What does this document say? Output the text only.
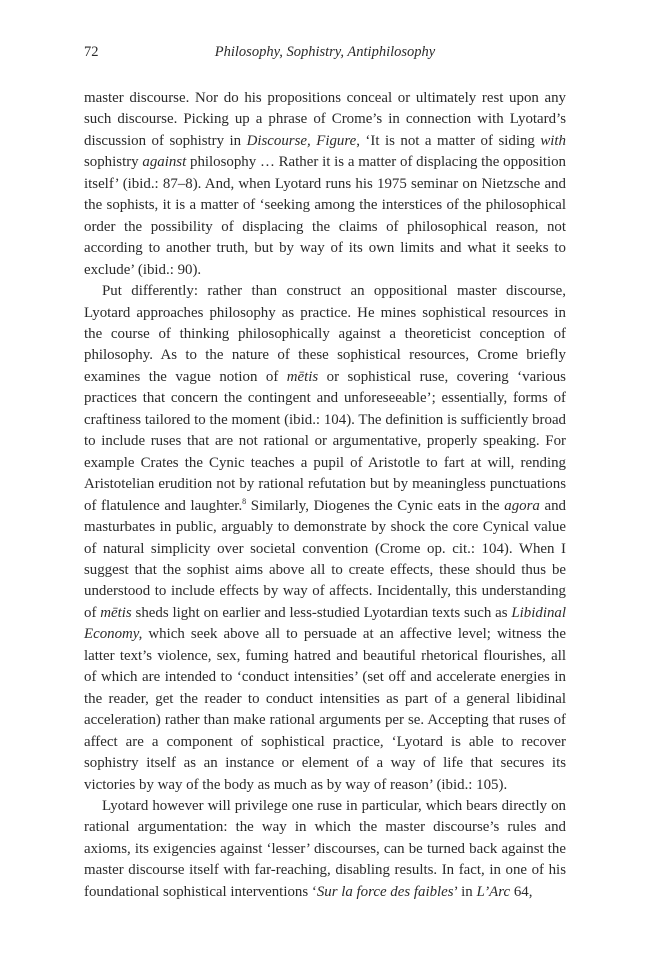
72	Philosophy, Sophistry, Antiphilosophy

master discourse. Nor do his propositions conceal or ultimately rest upon any such discourse. Picking up a phrase of Crome’s in connection with Lyotard’s discussion of sophistry in Discourse, Figure, ‘It is not a matter of siding with sophistry against philosophy … Rather it is a matter of displacing the opposition itself’ (ibid.: 87–8). And, when Lyotard runs his 1975 seminar on Nietzsche and the sophists, it is a matter of ‘seeking among the interstices of the philosophical order the possibility of displacing the claims of philosophical reason, not according to another truth, but by way of its own limits and what it seeks to exclude’ (ibid.: 90).

Put differently: rather than construct an oppositional master discourse, Lyotard approaches philosophy as practice. He mines sophistical resources in the course of thinking philosophically against a theoreticist conception of philosophy. As to the nature of these sophistical resources, Crome briefly examines the vague notion of mētis or sophistical ruse, covering ‘various practices that concern the contingent and unforeseeable’; essentially, forms of craftiness tailored to the moment (ibid.: 104). The definition is sufficiently broad to include ruses that are not rational or argumentative, properly speaking. For example Crates the Cynic teaches a pupil of Aristotle to fart at will, rending Aristotelian erudition not by rational refutation but by meaningless punctuations of flatulence and laughter.$^8$ Similarly, Diogenes the Cynic eats in the agora and masturbates in public, arguably to demonstrate by shock the core Cynical value of natural simplicity over societal convention (Crome op. cit.: 104). When I suggest that the sophist aims above all to create effects, these should thus be understood to include effects by way of affects. Incidentally, this understanding of mētis sheds light on earlier and less-studied Lyotardian texts such as Libidinal Economy, which seek above all to persuade at an affective level; witness the latter text’s violence, sex, fuming hatred and beautiful rhetorical flourishes, all of which are intended to ‘conduct intensities’ (set off and accelerate energies in the reader, get the reader to conduct intensities as part of a general libidinal acceleration) rather than make rational arguments per se. Accepting that ruses of affect are a component of sophistical practice, ‘Lyotard is able to recover sophistry itself as an instance or element of a way of life that secures its victories by way of the body as much as by way of reason’ (ibid.: 105).

Lyotard however will privilege one ruse in particular, which bears directly on rational argumentation: the way in which the master discourse’s rules and axioms, its exigencies against ‘lesser’ discourses, can be turned back against the master discourse itself with far-reaching, disabling results. In fact, in one of his foundational sophistical interventions ‘Sur la force des faibles’ in L’Arc 64,
